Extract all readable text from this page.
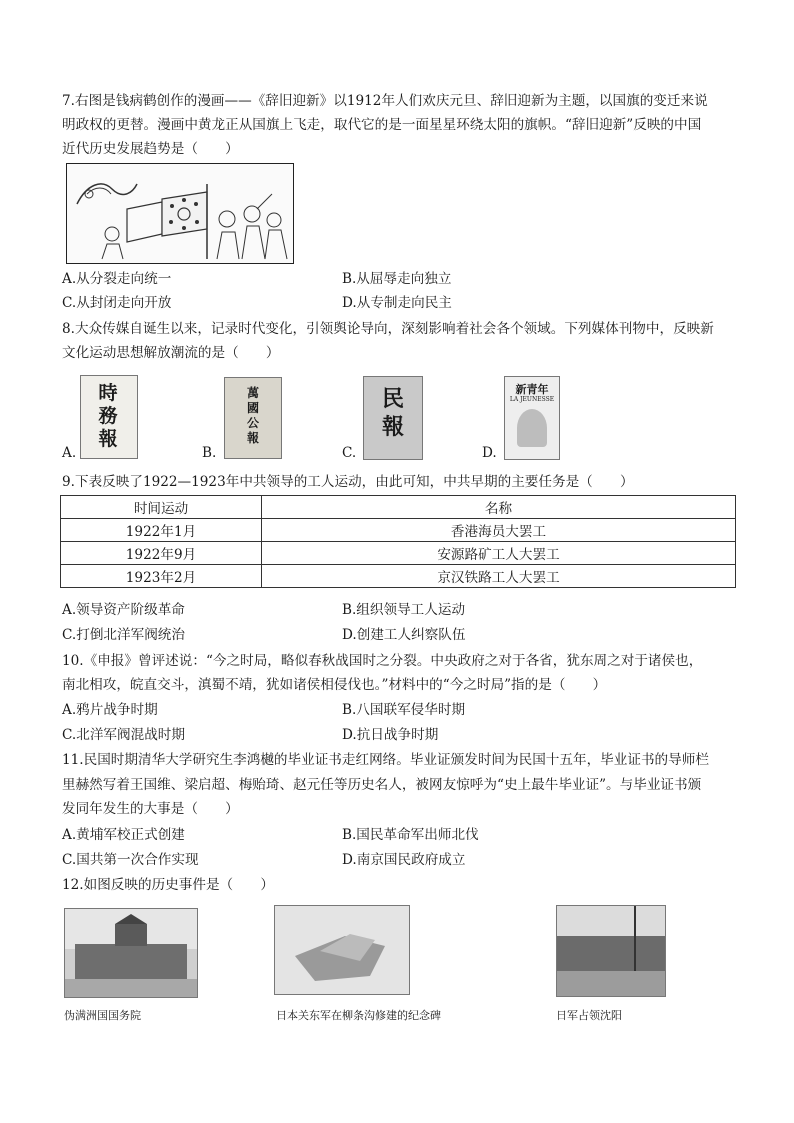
7.右图是钱病鹤创作的漫画——《辞旧迎新》以1912年人们欢庆元旦、辞旧迎新为主题，以国旗的变迁来说
明政权的更替。漫画中黄龙正从国旗上飞走，取代它的是一面星星环绕太阳的旗帜。“辞旧迎新”反映的中国
近代历史发展趋势是（　　）
A.从分裂走向统一	B.从屈辱走向独立
C.从封闭走向开放	D.从专制走向民主
8.大众传媒自诞生以来，记录时代变化，引领舆论导向，深刻影响着社会各个领域。下列媒体刊物中，反映新
文化运动思想解放潮流的是（　　）
A.
時務報
B.
萬國公報
C.
民報
D.
新青年
LA JEUNESSE
9.下表反映了1922—1923年中共领导的工人运动，由此可知，中共早期的主要任务是（　　）
时间运动	名称
1922年1月	香港海员大罢工
1922年9月	安源路矿工人大罢工
1923年2月	京汉铁路工人大罢工
A.领导资产阶级革命	B.组织领导工人运动
C.打倒北洋军阀统治	D.创建工人纠察队伍
10.《申报》曾评述说：“今之时局，略似春秋战国时之分裂。中央政府之对于各省，犹东周之对于诸侯也，
南北相攻，皖直交斗，滇蜀不靖，犹如诸侯相侵伐也。”材料中的“今之时局”指的是（　　）
A.鸦片战争时期	B.八国联军侵华时期
C.北洋军阀混战时期	D.抗日战争时期
11.民国时期清华大学研究生李鸿樾的毕业证书走红网络。毕业证颁发时间为民国十五年，毕业证书的导师栏
里赫然写着王国维、梁启超、梅贻琦、赵元任等历史名人，被网友惊呼为“史上最牛毕业证”。与毕业证书颁
发同年发生的大事是（　　）
A.黄埔军校正式创建	B.国民革命军出师北伐
C.国共第一次合作实现	D.南京国民政府成立
12.如图反映的历史事件是（　　）
伪满洲国国务院	日本关东军在柳条沟修建的纪念碑	日军占领沈阳
